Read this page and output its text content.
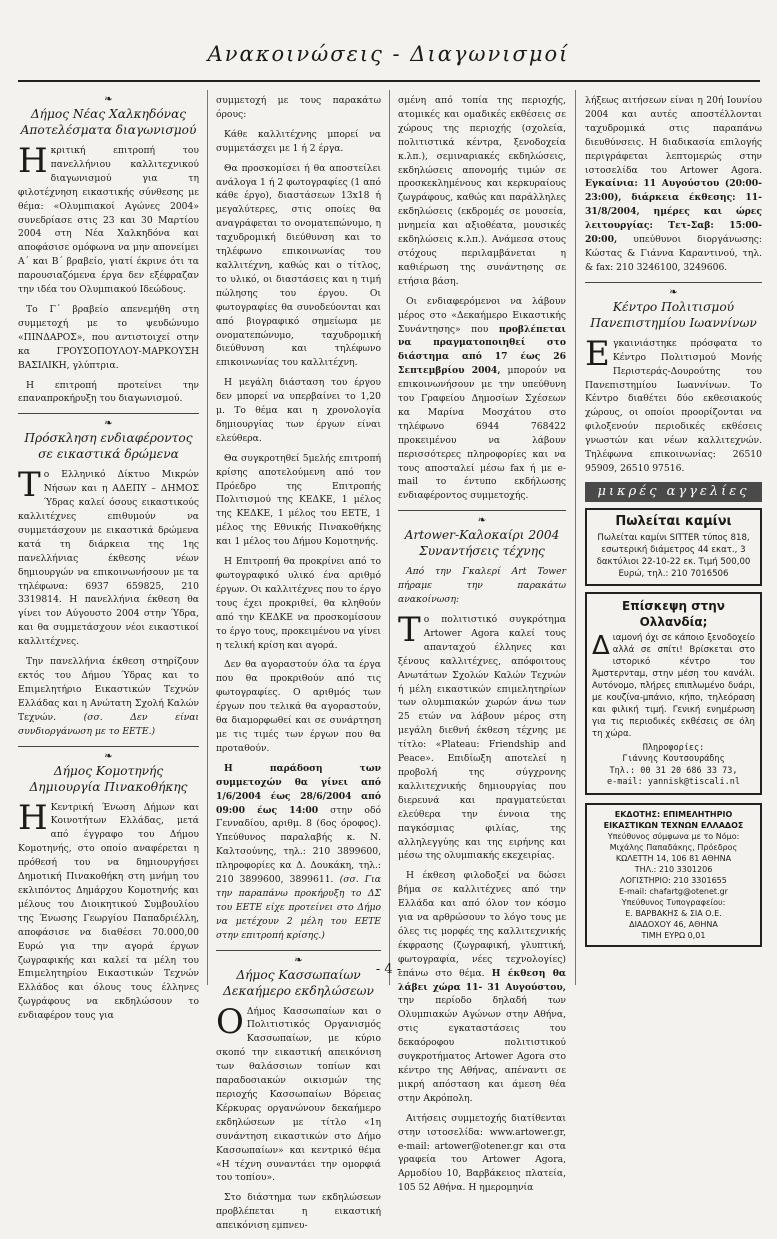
Ανακοινώσεις - Διαγωνισμοί
❧
Δήμος Νέας Χαλκηδόνας
Αποτελέσματα διαγωνισμού

Ηκριτική επιτροπή του πανελλήνιου καλλιτεχνικού διαγωνισμού για τη φιλοτέχνηση εικαστικής σύνθεσης με θέμα: «Ολυμπιακοί Αγώνες 2004» συνεδρίασε στις 23 και 30 Μαρτίου 2004 στη Νέα Χαλκηδόνα και αποφάσισε ομόφωνα να μην απονείμει Α΄ και Β΄ βραβείο, γιατί έκρινε ότι τα παρουσιαζόμενα έργα δεν εξέφραζαν την ιδέα του Ολυμπιακού Ιδεώδους.

Το Γ΄ βραβείο απενεμήθη στη συμμετοχή με το ψευδώνυμο «ΠΙΝΔΑΡΟΣ», που αντιστοιχεί στην κα ΓΡΟΥΣΟΠΟΥΛΟΥ-ΜΑΡΚΟΥΣΗ ΒΑΣΙΛΙΚΗ, γλύπτρια.

Η επιτροπή προτείνει την επαναπροκήρυξη του διαγωνισμού.

❧
Πρόσκληση ενδιαφέροντος
σε εικαστικά δρώμενα

Το Ελληνικό Δίκτυο Μικρών Νήσων και η ΑΔΕΠΥ – ΔΗΜΟΣ Ύδρας καλεί όσους εικαστικούς καλλιτέχνες επιθυμούν να συμμετάσχουν με εικαστικά δρώμενα κατά τη διάρκεια της 1ης πανελλήνιας έκθεσης νέων δημιουργών να επικοινωνήσουν με τα τηλέφωνα: 6937 659825, 210 3319814. Η πανελλήνια έκθεση θα γίνει τον Αύγουστο 2004 στην Ύδρα, και θα συμμετάσχουν νέοι εικαστικοί καλλιτέχνες.

Την πανελλήνια έκθεση στηρίζουν εκτός του Δήμου Ύδρας και το Επιμελητήριο Εικαστικών Τεχνών Ελλάδας και η Ανώτατη Σχολή Καλών Τεχνών.	(σσ. Δεν είναι συνδιοργάνωση με το ΕΕΤΕ.)

❧
Δήμος Κομοτηνής
Δημιουργία Πινακοθήκης

Η Κεντρική Ένωση Δήμων και Κοινοτήτων Ελλάδας, μετά από έγγραφο του Δήμου Κομοτηνής, στο οποίο αναφέρεται η πρόθεσή του να δημιουργήσει Δημοτική Πινακοθήκη στη μνήμη του εκλιπόντος Δημάρχου Κομοτηνής και μέλους του Διοικητικού Συμβουλίου της Ένωσης Γεωργίου Παπαδριέλλη, αποφάσισε να διαθέσει 70.000,00 Ευρώ για την αγορά έργων ζωγραφικής και καλεί τα μέλη του Επιμελητηρίου Εικαστικών Τεχνών Ελλάδος και όλους τους έλληνες ζωγράφους να εκδηλώσουν το ενδιαφέρον τους για

συμμετοχή με τους παρακάτω όρους:

Κάθε καλλιτέχνης μπορεί να συμμετάσχει με 1 ή 2 έργα.

Θα προσκομίσει ή θα αποστείλει ανάλογα 1 ή 2 φωτογραφίες (1 από κάθε έργο), διαστάσεων 13x18 ή μεγαλύτερες, στις οποίες θα αναγράφεται το ονοματεπώνυμο, η ταχυδρομική διεύθυνση και το τηλέφωνο επικοινωνίας του καλλιτέχνη, καθώς και ο τίτλος, το υλικό, οι διαστάσεις και η τιμή πώλησης του έργου. Οι φωτογραφίες θα συνοδεύονται και από βιογραφικό σημείωμα με ονοματεπώνυμο, ταχυδρομική διεύθυνση και τηλέφωνο επικοινωνίας του καλλιτέχνη.

Η μεγάλη διάσταση του έργου δεν μπορεί να υπερβαίνει το 1,20 μ. Το θέμα και η χρονολογία δημιουργίας των έργων είναι ελεύθερα.

Θα συγκροτηθεί 5μελής επιτροπή κρίσης αποτελούμενη από τον Πρόεδρο της Επιτροπής Πολιτισμού της ΚΕΔΚΕ, 1 μέλος της ΚΕΔΚΕ, 1 μέλος του ΕΕΤΕ, 1 μέλος της Εθνικής Πινακοθήκης και 1 μέλος του Δήμου Κομοτηνής.

Η Επιτροπή θα προκρίνει από το φωτογραφικό υλικό ένα αριθμό έργων. Οι καλλιτέχνες που το έργο τους έχει προκριθεί, θα κληθούν από την ΚΕΔΚΕ να προσκομίσουν το έργο τους, προκειμένου να γίνει η τελική κρίση και αγορά.

Δεν θα αγοραστούν όλα τα έργα που θα προκριθούν από τις φωτογραφίες. Ο αριθμός των έργων που τελικά θα αγοραστούν, θα διαμορφωθεί και σε συνάρτηση με τις τιμές των έργων που θα προταθούν.

Η παράδοση των συμμετοχών θα γίνει από 1/6/2004 έως 28/6/2004 από 09:00 έως 14:00 στην οδό Γενναδίου, αριθμ. 8 (6ος όροφος). Υπεύθυνος παραλαβής κ. Ν. Καλτσούνης, τηλ.: 210 3899600, πληροφορίες κα Δ. Δουκάκη, τηλ.: 210 3899600, 3899611. (σσ. Για την παραπάνω προκήρυξη το ΔΣ του ΕΕΤΕ είχε προτείνει στο Δήμο να μετέχουν 2 μέλη του ΕΕΤΕ στην επιτροπή κρίσης.)

❧
Δήμος Κασσωπαίων
Δεκαήμερο εκδηλώσεων

Ο Δήμος Κασσωπαίων και ο Πολιτιστικός Οργανισμός Κασσωπαίων, με κύριο σκοπό την εικαστική απεικόνιση των θαλάσσιων τοπίων και παραδοσιακών οικισμών της περιοχής Κασσωπαίων Βόρειας Κέρκυρας οργανώνουν δεκαήμερο εκδηλώσεων με τίτλο «1η συνάντηση εικαστικών στο Δήμο Κασσωπαίων» και κεντρικό θέμα «Η τέχνη συναντάει την ομορφιά του τοπίου».

Στο διάστημα των εκδηλώσεων προβλέπεται η εικαστική απεικόνιση εμπνευ-

σμένη από τοπία της περιοχής, ατομικές και ομαδικές εκθέσεις σε χώρους της περιοχής (σχολεία, πολιτιστικά κέντρα, ξενοδοχεία κ.λπ.), σεμιναριακές εκδηλώσεις, εκδηλώσεις απονομής τιμών σε προσκεκλημένους και κερκυραίους ζωγράφους, καθώς και παράλληλες εκδηλώσεις (εκδρομές σε μουσεία, μνημεία και αξιοθέατα, μουσικές εκδηλώσεις κ.λπ.). Ανάμεσα στους στόχους περιλαμβάνεται η καθιέρωση της συνάντησης σε ετήσια βάση.

Οι ενδιαφερόμενοι να λάβουν μέρος στο «Δεκαήμερο Εικαστικής Συνάντησης» που προβλέπεται να πραγματοποιηθεί στο διάστημα από 17 έως 26 Σεπτεμβρίου 2004, μπορούν να επικοινωνήσουν με την υπεύθυνη του Γραφείου Δημοσίων Σχέσεων κα Μαρίνα Μοσχάτου στο τηλέφωνο 6944 768422 προκειμένου να λάβουν περισσότερες πληροφορίες και να τους αποσταλεί μέσω fax ή με e-mail το έντυπο εκδήλωσης ενδιαφέροντος συμμετοχής.

❧
Artower-Καλοκαίρι 2004
Συναντήσεις τέχνης

Από την Γκαλερί Art Tower πήραμε την παρακάτω ανακοίνωση:

Το πολιτιστικό συγκρότημα Artower Agora καλεί τους απανταχού έλληνες και ξένους καλλιτέχνες, απόφοιτους Ανωτάτων Σχολών Καλών Τεχνών ή μέλη εικαστικών επιμελητηρίων των ολυμπιακών χωρών άνω των 25 ετών να λάβουν μέρος στη μεγάλη διεθνή έκθεση τέχνης με τίτλο: «Plateau: Friendship and Peace». Επιδίωξη αποτελεί η προβολή της σύγχρονης καλλιτεχνικής δημιουργίας που διερευνά και πραγματεύεται ελεύθερα την έννοια της παγκόσμιας φιλίας, της αλληλεγγύης και της ειρήνης και μέσω της ολυμπιακής εκεχειρίας.

Η έκθεση φιλοδοξεί να δώσει βήμα σε καλλιτέχνες από την Ελλάδα και από όλον τον κόσμο για να αρθρώσουν το λόγο τους με όλες τις μορφές της καλλιτεχνικής έκφρασης (ζωγραφική, γλυπτική, φωτογραφία, νέες τεχνολογίες) επάνω στο θέμα. Η έκθεση θα λάβει χώρα 11- 31 Αυγούστου, την περίοδο δηλαδή των Ολυμπιακών Αγώνων στην Αθήνα, στις εγκαταστάσεις του δεκαόροφου πολιτιστικού συγκροτήματος Artower Agora στο κέντρο της Αθήνας, απέναντι σε μικρή απόσταση και άμεση θέα στην Ακρόπολη.

Αιτήσεις συμμετοχής διατίθενται στην ιστοσελίδα: www.artower.gr, e-mail: artower@otener.gr και στα γραφεία του Artower Agora, Αρμοδίου 10, Βαρβάκειος πλατεία, 105 52 Αθήνα. Η ημερομηνία

λήξεως αιτήσεων είναι η 20ή Ιουνίου 2004 και αυτές αποστέλλονται ταχυδρομικά στις παραπάνω διευθύνσεις. Η διαδικασία επιλογής περιγράφεται λεπτομερώς στην ιστοσελίδα του Artower Agora. Εγκαίνια: 11 Αυγούστου (20:00-23:00), διάρκεια έκθεσης: 11-31/8/2004, ημέρες και ώρες λειτουργίας: Τετ-Σαβ: 15:00-20:00, υπεύθυνοι διοργάνωσης: Κώστας & Γιάννα Καραντινού, τηλ. & fax: 210 3246100, 3249606.

❧
Κέντρο Πολιτισμού
Πανεπιστημίου Ιωαννίνων

Εγκαινιάστηκε πρόσφατα το Κέντρο Πολιτισμού Μονής Περιστεράς-Δουρούτης του Πανεπιστημίου Ιωαννίνων. Το Κέντρο διαθέτει δύο εκθεσιακούς χώρους, οι οποίοι προορίζονται να φιλοξενούν περιοδικές εκθέσεις γνωστών και νέων καλλιτεχνών. Τηλέφωνα επικοινωνίας: 26510 95909, 26510 97516.

μικρές αγγελίες
Πωλείται καμίνι
Πωλείται καμίνι SITTER τύπος 818, εσωτερική διάμετρος 44 εκατ., 3 δακτύλιοι 22-10-22 εκ. Τιμή 500,00 Ευρώ, τηλ.: 210 7016506
Επίσκεψη στην
Ολλανδία;
Διαμονή όχι σε κάποιο ξενοδοχείο αλλά σε σπίτι! Βρίσκεται στο ιστορικό κέντρο του Άμστερνταμ, στην μέση του κανάλι. Αυτόνομο, πλήρες επιπλωμένο δυάρι, με κουζίνα-μπάνιο, κήπο, τηλεόραση και φιλική τιμή. Γενική ενημέρωση για τις περιοδικές εκθέσεις σε όλη τη χώρα.
Πληροφορίες:
Γιάννης Κουτσουράδης
Τηλ.: 00 31 20 686 33 73,
e-mail: yannisk@tiscali.nl
ΕΚΔΟΤΗΣ: ΕΠΙΜΕΛΗΤΗΡΙΟ
ΕΙΚΑΣΤΙΚΩΝ ΤΕΧΝΩΝ ΕΛΛΑΔΟΣ
Υπεύθυνος σύμφωνα με το Νόμο:
Μιχάλης Παπαδάκης, Πρόεδρος
ΚΩΛΕΤΤΗ 14, 106 81 ΑΘΗΝΑ
ΤΗΛ.: 210 3301206
ΛΟΓΙΣΤΗΡΙΟ: 210 3301655
E-mail: chafartg@otenet.gr
Υπεύθυνος Τυπογραφείου:
Ε. ΒΑΡΒΑΚΗΣ & ΣΙΑ Ο.Ε.
ΔΙΑΔΟΧΟΥ 46, ΑΘΗΝΑ
ΤΙΜΗ ΕΥΡΩ 0,01
- 4 -
